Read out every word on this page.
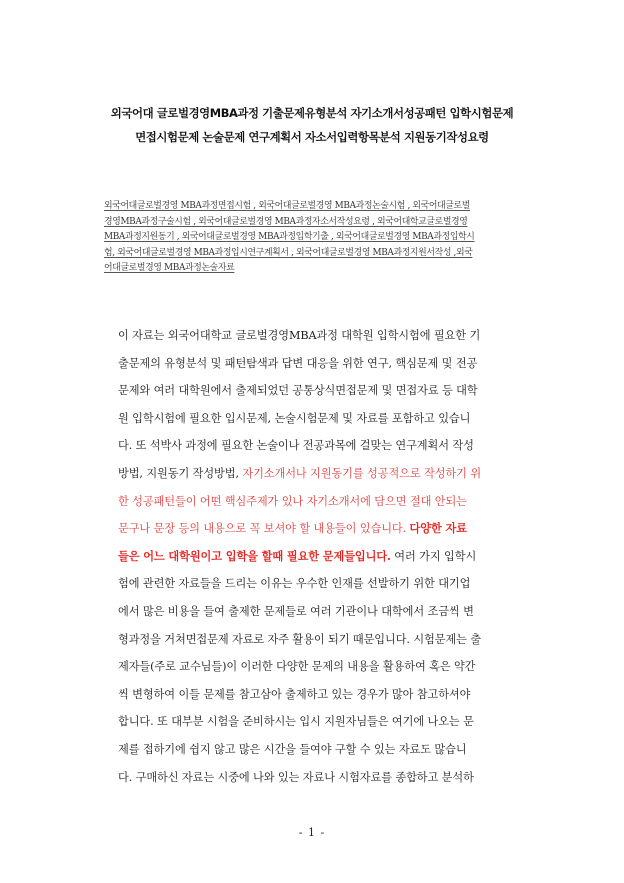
외국어대 글로벌경영MBA과정 기출문제유형분석 자기소개서성공패턴 입학시험문제
면접시험문제 논술문제 연구계획서 자소서입력항목분석 지원동기작성요령
외국어대글로벌경영 MBA과정면접시험 , 외국어대글로벌경영 MBA과정논술시험 , 외국어대글로벌
경영MBA과정구술시험 , 외국어대글로벌경영 MBA과정자소서작성요령 , 외국어대학교글로벌경영
MBA과정지원동기 , 외국어대글로벌경영 MBA과정입학기출 , 외국어대글로벌경영 MBA과정입학시
험, 외국어대글로벌경영 MBA과정입시연구계획서 , 외국어대글로벌경영 MBA과정지원서작성 ,외국
어대글로벌경영 MBA과정논술자료
이 자료는 외국어대학교 글로벌경영MBA과정 대학원 입학시험에 필요한 기
출문제의 유형분석 및 패턴탐색과 답변 대응을 위한 연구, 핵심문제 및 전공
문제와 여러 대학원에서 출제되었던 공통상식면접문제 및 면접자료 등 대학
원 입학시험에 필요한 입시문제, 논술시험문제 및 자료를 포함하고 있습니
다. 또 석박사 과정에 필요한 논술이나 전공과목에 걸맞는 연구계획서 작성
방법, 지원동기 작성방법, 자기소개서나 지원동기를 성공적으로 작성하기 위
한 성공패턴들이 어떤 핵심주제가 있나 자기소개서에 담으면 절대 안되는
문구나 문장 등의 내용으로 꼭 보셔야 할 내용들이 있습니다. 다양한 자료
들은 어느 대학원이고 입학을 할때 필요한 문제들입니다. 여러 가지 입학시
험에 관련한 자료들을 드리는 이유는 우수한 인재를 선발하기 위한 대기업
에서 많은 비용을 들여 출제한 문제들로 여러 기관이나 대학에서 조금씩 변
형과정을 거쳐면접문제 자료로 자주 활용이 되기 때문입니다. 시험문제는 출
제자들(주로 교수님들)이 이러한 다양한 문제의 내용을 활용하여 혹은 약간
씩 변형하여 이들 문제를 참고삼아 출제하고 있는 경우가 많아 참고하셔야
합니다. 또 대부분 시험을 준비하시는 입시 지원자님들은 여기에 나오는 문
제를 접하기에 쉽지 않고 많은 시간을 들여야 구할 수 있는 자료도 많습니
다. 구매하신 자료는 시중에 나와 있는 자료나 시험자료를 종합하고 분석하
- 1 -
